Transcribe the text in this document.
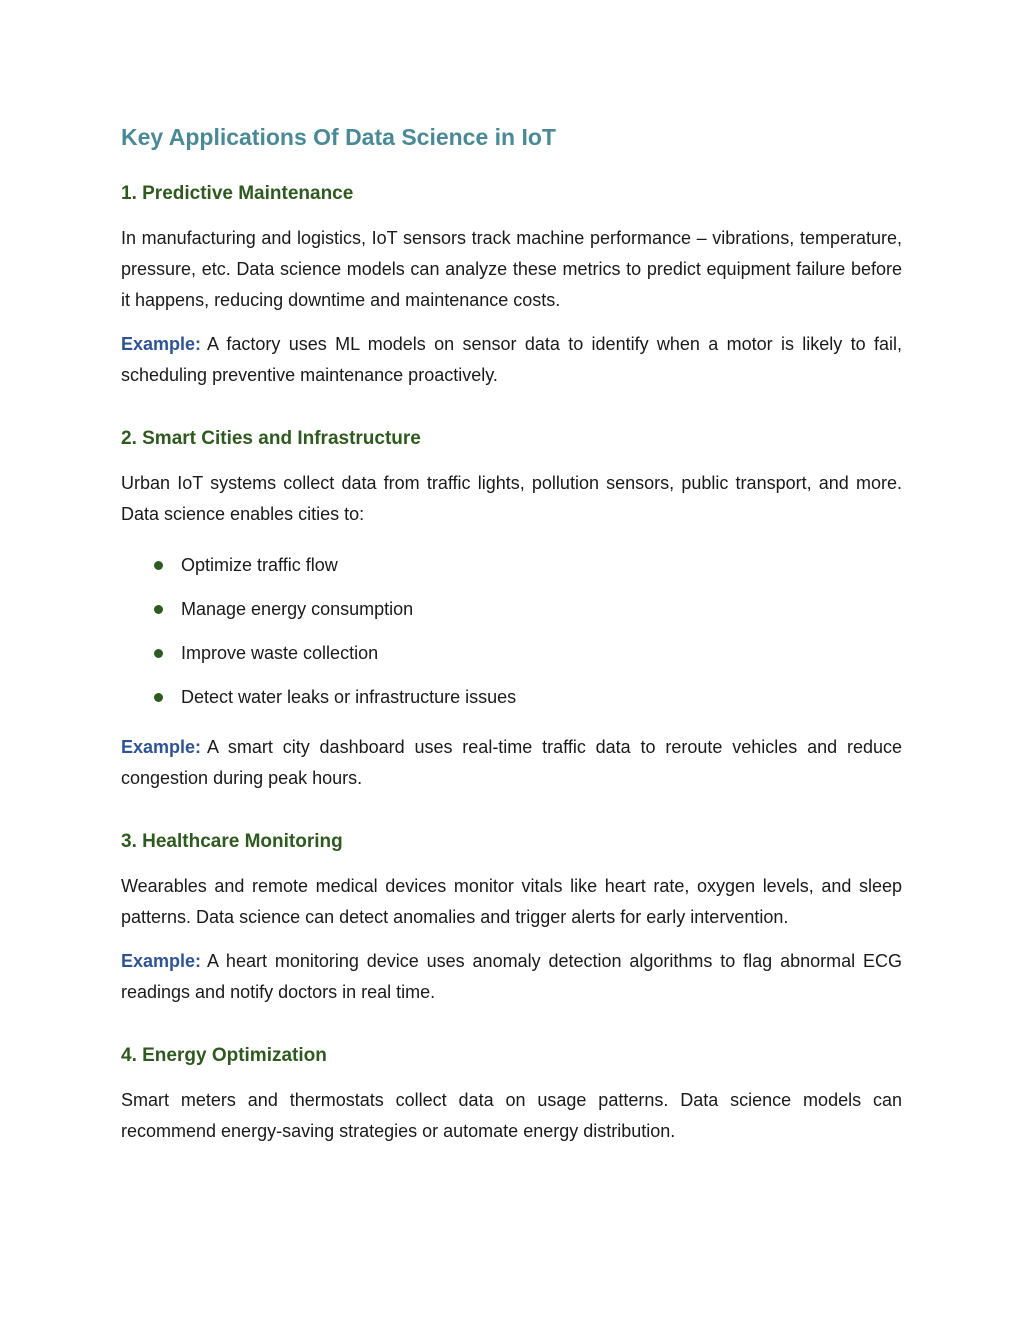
Key Applications Of Data Science in IoT
1. Predictive Maintenance

In manufacturing and logistics, IoT sensors track machine performance – vibrations, temperature, pressure, etc. Data science models can analyze these metrics to predict equipment failure before it happens, reducing downtime and maintenance costs.

Example: A factory uses ML models on sensor data to identify when a motor is likely to fail, scheduling preventive maintenance proactively.

2. Smart Cities and Infrastructure

Urban IoT systems collect data from traffic lights, pollution sensors, public transport, and more. Data science enables cities to:

Optimize traffic flow
Manage energy consumption
Improve waste collection
Detect water leaks or infrastructure issues

Example: A smart city dashboard uses real-time traffic data to reroute vehicles and reduce congestion during peak hours.

3. Healthcare Monitoring

Wearables and remote medical devices monitor vitals like heart rate, oxygen levels, and sleep patterns. Data science can detect anomalies and trigger alerts for early intervention.

Example: A heart monitoring device uses anomaly detection algorithms to flag abnormal ECG readings and notify doctors in real time.

4. Energy Optimization

Smart meters and thermostats collect data on usage patterns. Data science models can recommend energy-saving strategies or automate energy distribution.
